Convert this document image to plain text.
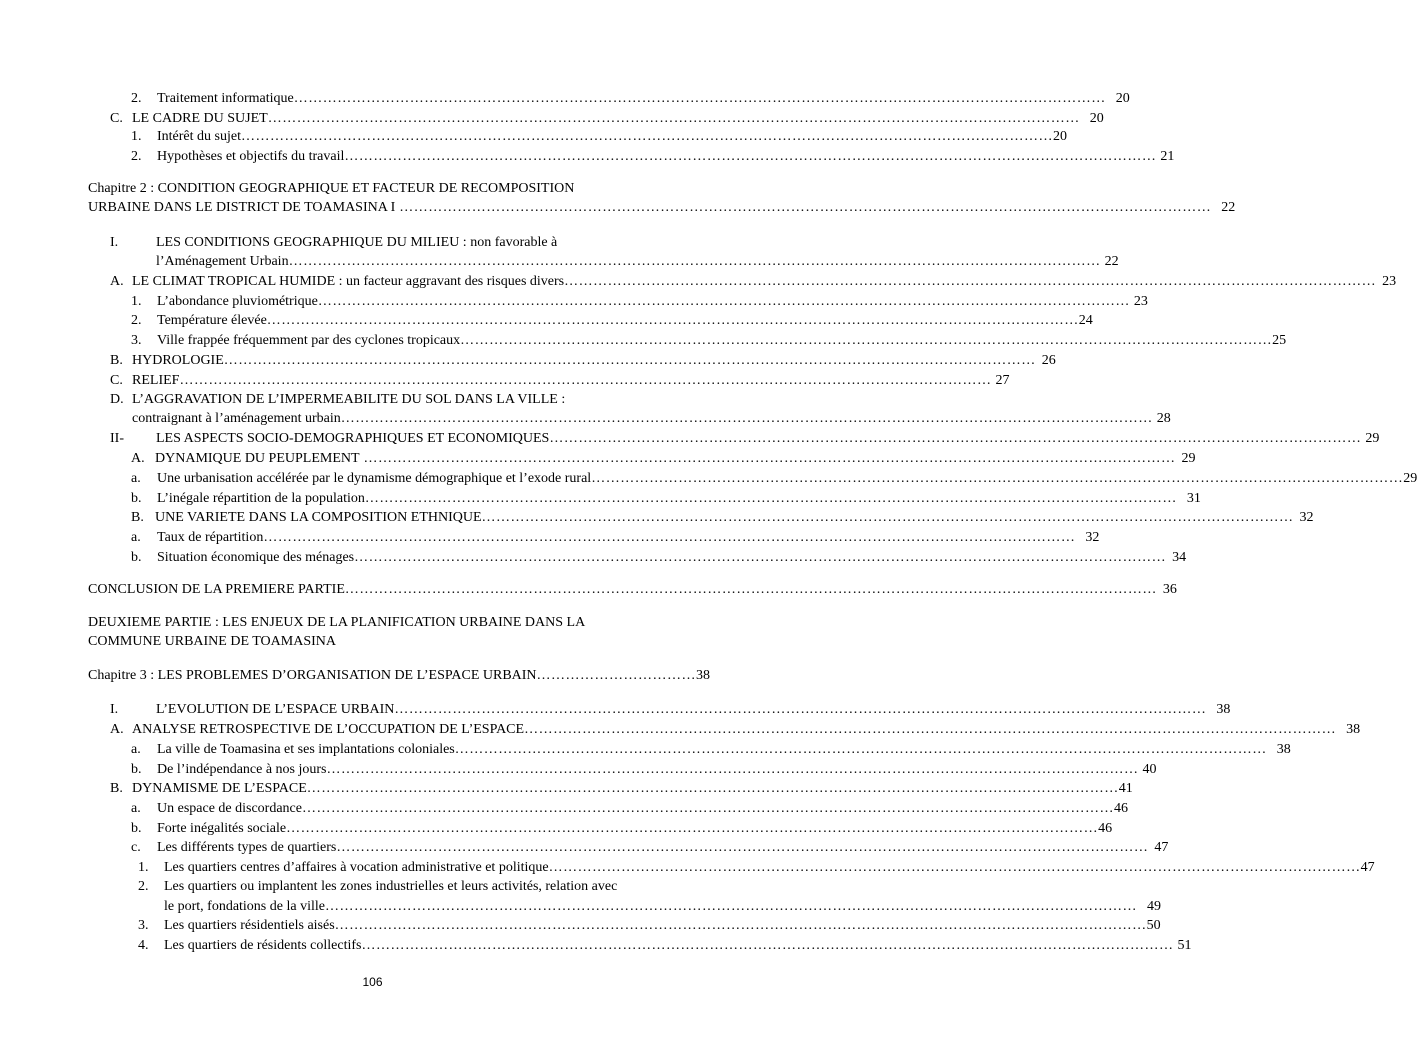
2.	Traitement informatique …………………………………………………………………………………………………………………………………………………… 20
C. LE CADRE DU SUJET …………………………………………………………………………………………………………………………………………………… 20
1.	Intérêt du sujet …………………………………………………………………………………………………………………………………………………… 20
2.	Hypothèses et objectifs du travail …………………………………………………………………………………………………………………………………………………… 21
Chapitre 2 : CONDITION GEOGRAPHIQUE ET FACTEUR DE RECOMPOSITION
URBAINE DANS LE DISTRICT DE TOAMASINA I …………………………………………………………………………………………………………………………………………………… 22
I.	LES CONDITIONS GEOGRAPHIQUE DU MILIEU : non favorable à
l’Aménagement Urbain …………………………………………………………………………………………………………………………………………………… 22
A. LE CLIMAT TROPICAL HUMIDE : un facteur aggravant des risques divers …………………………………………………………………………………………………………………………………………………… 23
1.	L’abondance pluviométrique …………………………………………………………………………………………………………………………………………………… 23
2.	Température élevée …………………………………………………………………………………………………………………………………………………… 24
3.	Ville frappée fréquemment par des cyclones tropicaux …………………………………………………………………………………………………………………………………………………… 25
B. HYDROLOGIE …………………………………………………………………………………………………………………………………………………… 26
C. RELIEF …………………………………………………………………………………………………………………………………………………… 27
D. L’AGGRAVATION DE L’IMPERMEABILITE DU SOL DANS LA VILLE :
contraignant à l’aménagement urbain …………………………………………………………………………………………………………………………………………………… 28
II-	LES ASPECTS SOCIO-DEMOGRAPHIQUES ET ECONOMIQUES …………………………………………………………………………………………………………………………………………………… 29
A. DYNAMIQUE DU PEUPLEMENT …………………………………………………………………………………………………………………………………………………… 29
a.	Une urbanisation accélérée par le dynamisme démographique et l’exode rural …………………………………………………………………………………………………………………………………………………… 29
b.	L’inégale répartition de la population …………………………………………………………………………………………………………………………………………………… 31
B. UNE VARIETE DANS LA COMPOSITION ETHNIQUE …………………………………………………………………………………………………………………………………………………… 32
a.	Taux de répartition …………………………………………………………………………………………………………………………………………………… 32
b.	Situation économique des ménages …………………………………………………………………………………………………………………………………………………… 34
CONCLUSION DE LA PREMIERE PARTIE …………………………………………………………………………………………………………………………………………………… 36
DEUXIEME PARTIE : LES ENJEUX DE LA PLANIFICATION URBAINE DANS LA
COMMUNE URBAINE DE TOAMASINA
Chapitre 3 : LES PROBLEMES D’ORGANISATION DE L’ESPACE URBAIN …………………………… 38
I.	L’EVOLUTION DE L’ESPACE URBAIN …………………………………………………………………………………………………………………………………………………… 38
A. ANALYSE RETROSPECTIVE DE L’OCCUPATION DE L’ESPACE …………………………………………………………………………………………………………………………………………………… 38
a.	La ville de Toamasina et ses implantations coloniales …………………………………………………………………………………………………………………………………………………… 38
b.	De l’indépendance à nos jours …………………………………………………………………………………………………………………………………………………… 40
B. DYNAMISME DE L’ESPACE …………………………………………………………………………………………………………………………………………………… 41
a.	Un espace de discordance …………………………………………………………………………………………………………………………………………………… 46
b.	Forte inégalités sociale …………………………………………………………………………………………………………………………………………………… 46
c.	Les différents types de quartiers …………………………………………………………………………………………………………………………………………………… 47
1.	Les quartiers centres d’affaires à vocation administrative et politique …………………………………………………………………………………………………………………………………………………… 47
2. Les quartiers ou implantent les zones industrielles et leurs activités, relation avec
le port, fondations de la ville …………………………………………………………………………………………………………………………………………………… 49
3.	Les quartiers résidentiels aisés …………………………………………………………………………………………………………………………………………………… 50
4.	Les quartiers de résidents collectifs …………………………………………………………………………………………………………………………………………………… 51
106
